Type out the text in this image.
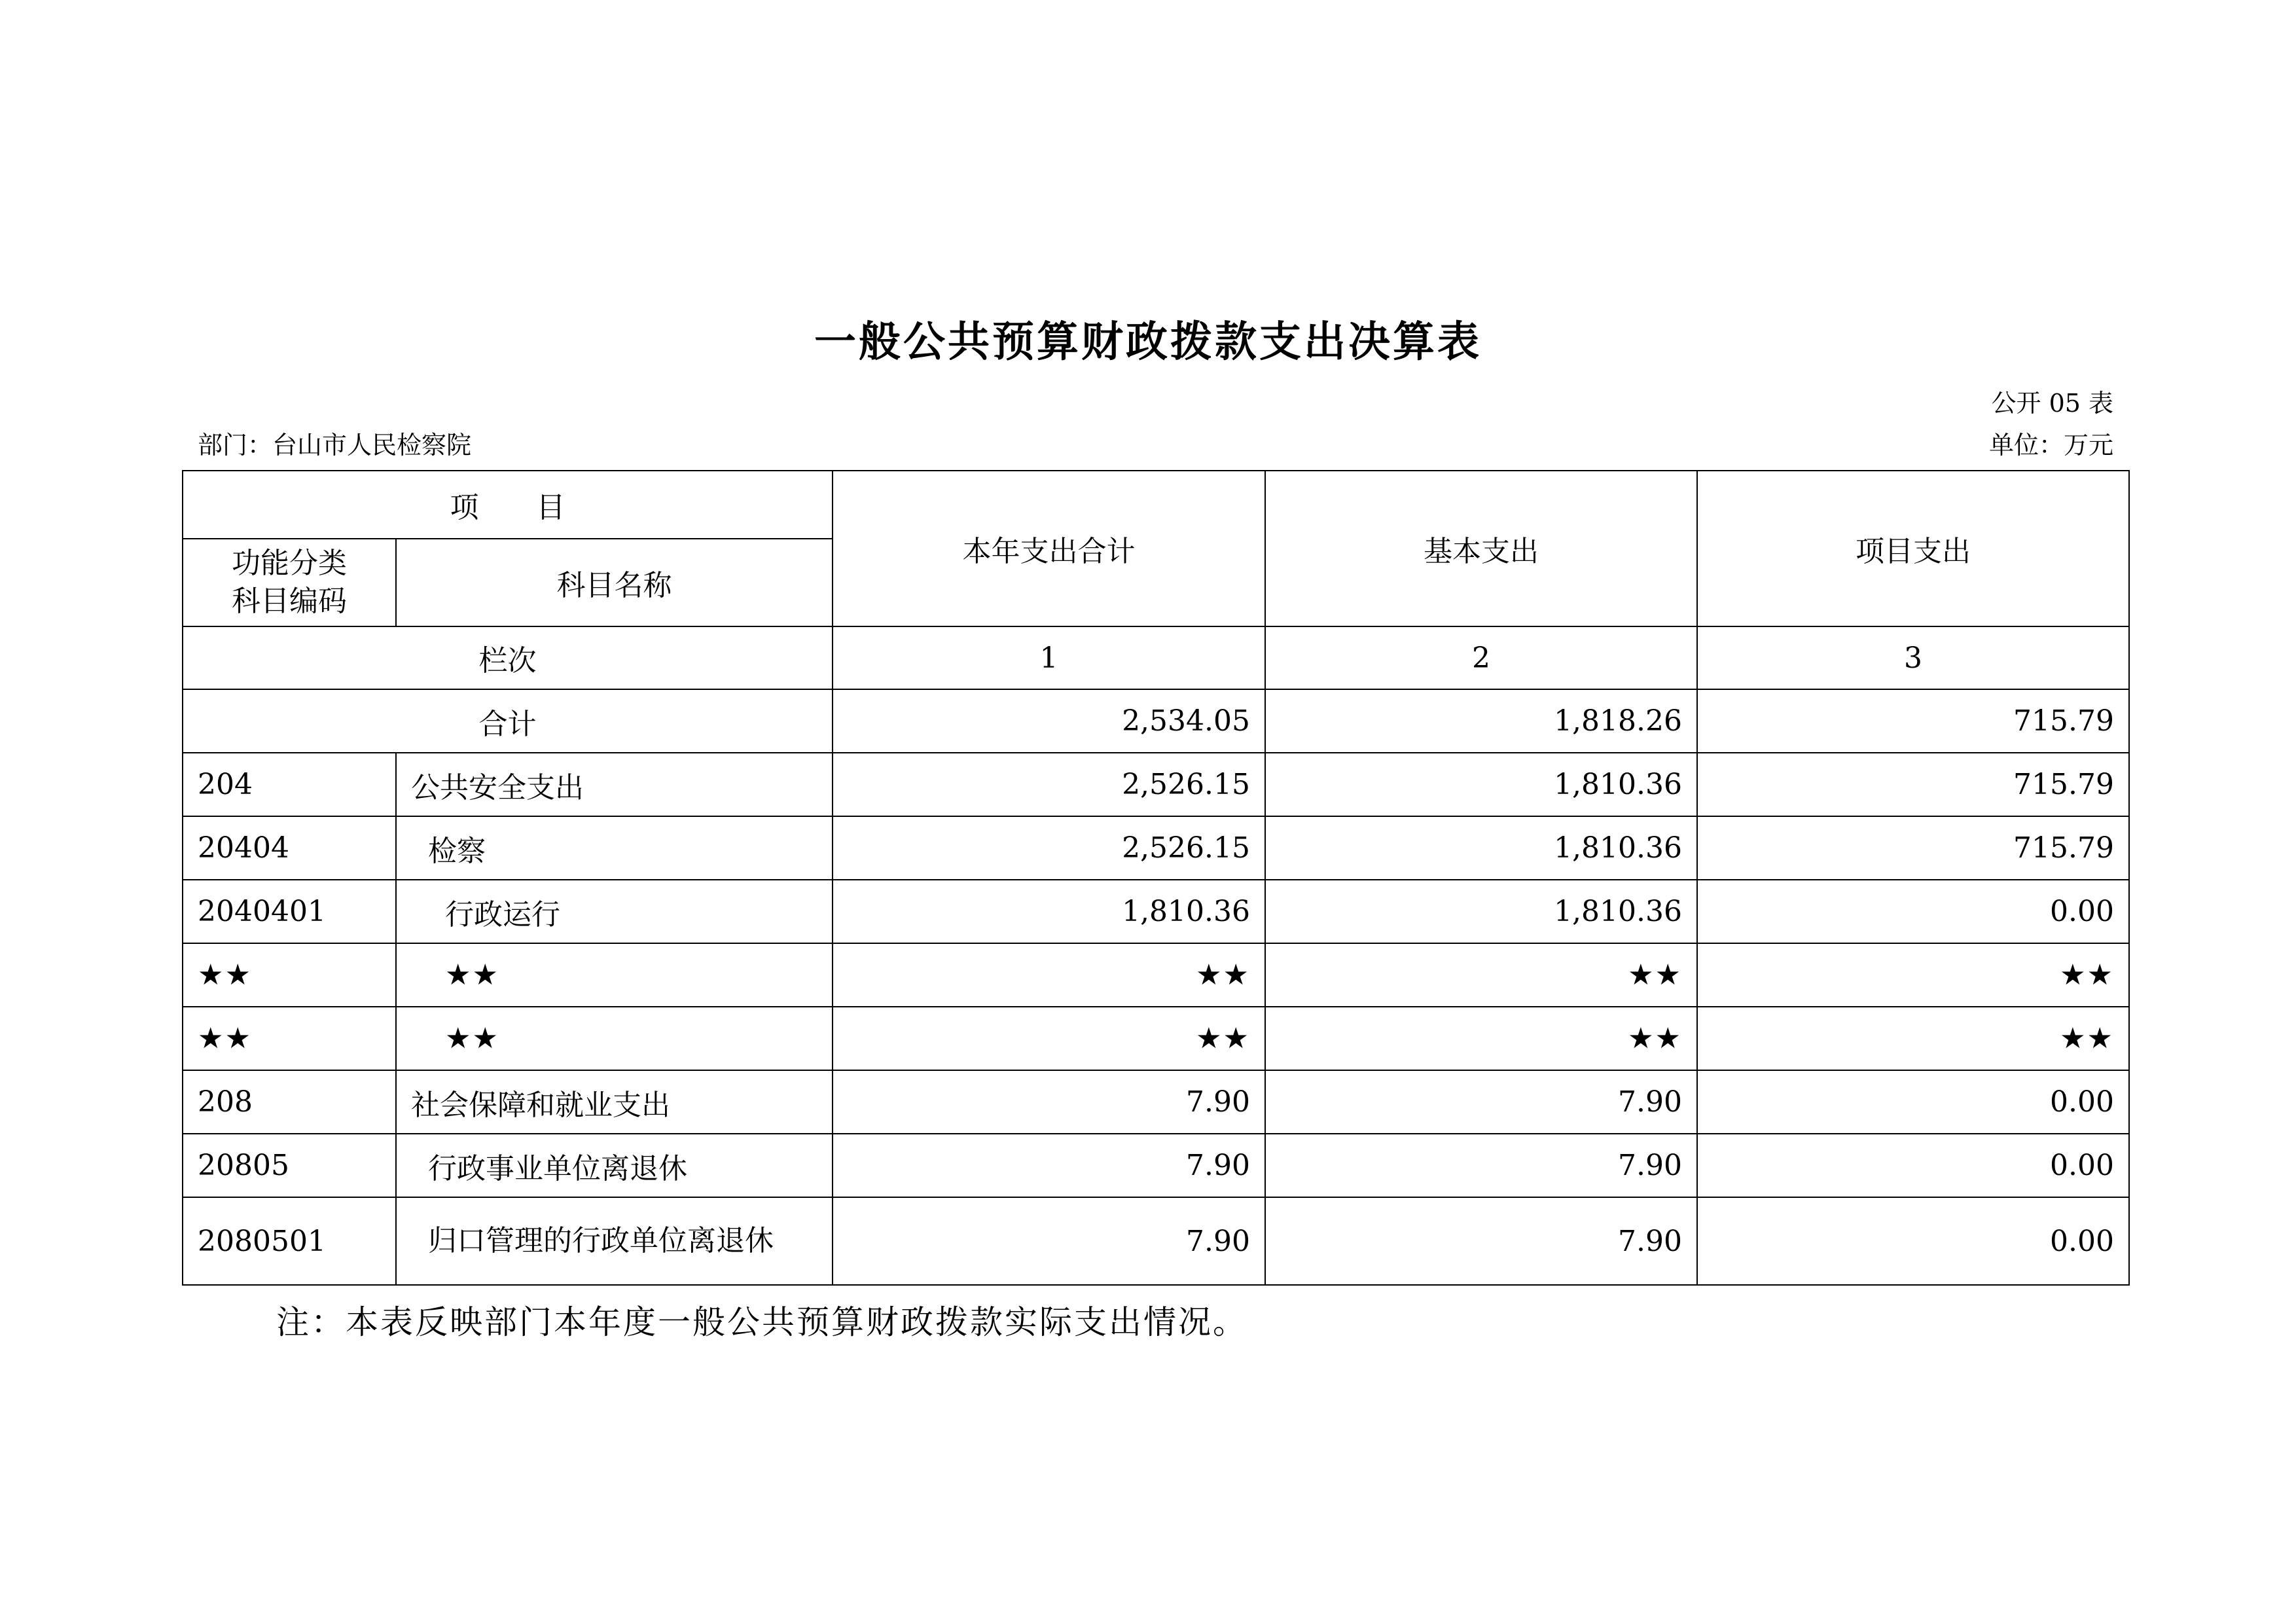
一般公共预算财政拨款支出决算表
公开 05 表
部门：台山市人民检察院	单位：万元
项　　目		本年支出合计	基本支出	项目支出
功能分类
科目编码	科目名称			
栏次		1	2	3
合计		2,534.05	1,818.26	715.79
204	公共安全支出	2,526.15	1,810.36	715.79
20404	检察	2,526.15	1,810.36	715.79
2040401	行政运行	1,810.36	1,810.36	0.00
★★	★★	★★	★★	★★
★★	★★	★★	★★	★★
208	社会保障和就业支出	7.90	7.90	0.00
20805	行政事业单位离退休	7.90	7.90	0.00
2080501	归口管理的行政单位离退休	7.90	7.90	0.00
注：本表反映部门本年度一般公共预算财政拨款实际支出情况。
